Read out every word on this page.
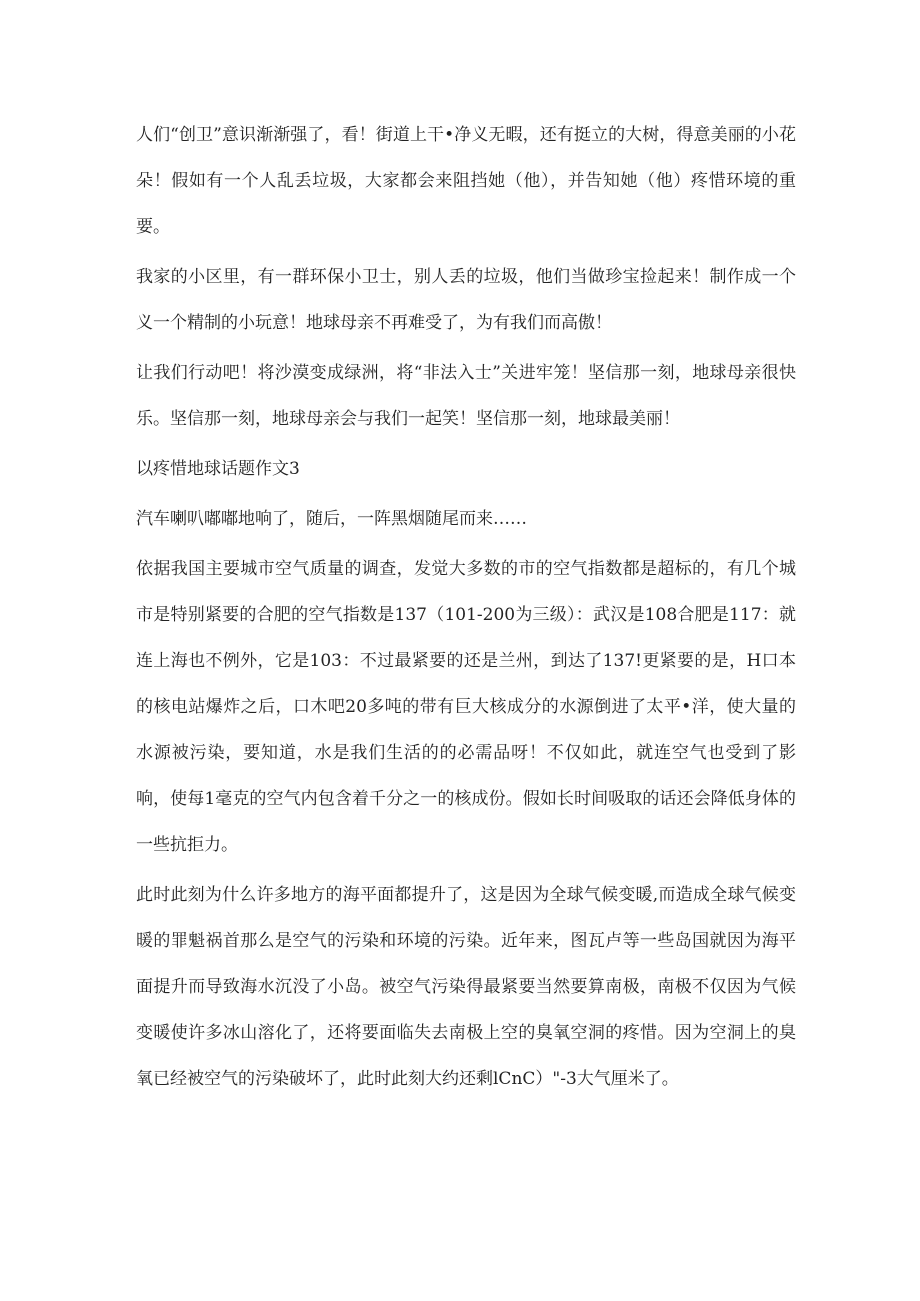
人们“创卫”意识渐渐强了，看！街道上干•净义无暇，还有挺立的大树，得意美丽的小花朵！假如有一个人乱丢垃圾，大家都会来阻挡她（他），并告知她（他）疼惜环境的重要。

我家的小区里，有一群环保小卫士，别人丢的垃圾，他们当做珍宝捡起来！制作成一个义一个精制的小玩意！地球母亲不再难受了，为有我们而高傲！

让我们行动吧！将沙漠变成绿洲，将“非法入士”关进牢笼！坚信那一刻，地球母亲很快乐。坚信那一刻，地球母亲会与我们一起笑！坚信那一刻，地球最美丽！

以疼惜地球话题作文3

汽车喇叭嘟嘟地响了，随后，一阵黑烟随尾而来……

依据我国主要城市空气质量的调查，发觉大多数的市的空气指数都是超标的，有几个城市是特别紧要的合肥的空气指数是137（101-200为三级）：武汉是108合肥是117：就连上海也不例外，它是103：不过最紧要的还是兰州，到达了137!更紧要的是，H口本的核电站爆炸之后，口木吧20多吨的带有巨大核成分的水源倒进了太平•洋，使大量的水源被污染，要知道，水是我们生活的的必需品呀！不仅如此，就连空气也受到了影响，使每1毫克的空气内包含着千分之一的核成份。假如长时间吸取的话还会降低身体的一些抗拒力。

此时此刻为什么许多地方的海平面都提升了，这是因为全球气候变暖,而造成全球气候变暖的罪魁祸首那么是空气的污染和环境的污染。近年来，图瓦卢等一些岛国就因为海平面提升而导致海水沉没了小岛。被空气污染得最紧要当然要算南极，南极不仅因为气候变暖使许多冰山溶化了，还将要面临失去南极上空的臭氧空洞的疼惜。因为空洞上的臭氧已经被空气的污染破坏了，此时此刻大约还剩lCnC）"-3大气厘米了。
